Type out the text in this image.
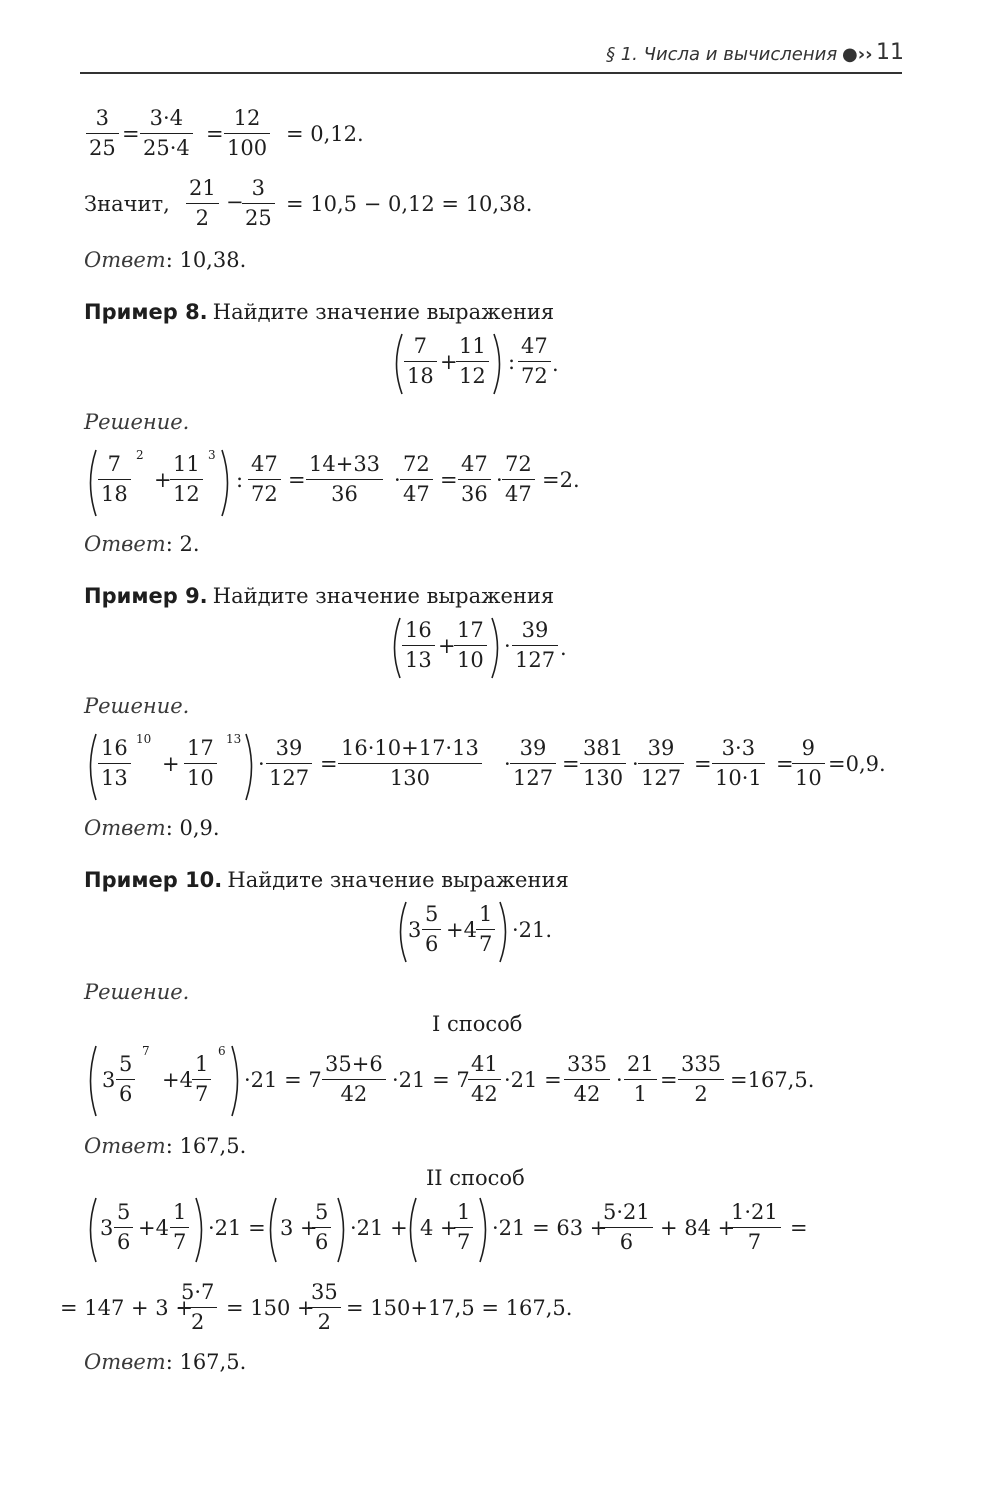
§ 1. Числа и вычисления ●›› 11
$\frac{3}{25} = \frac{3\cdot 4}{25\cdot 4} = \frac{12}{100} = 0,12$.
Значит, $\frac{21}{2}$ −
$\frac{3}{25} = 10,5 - 0,12 = 10,38$.
Ответ: 10,38.
Пример 8. Найдите значение выражения
$\frac{7}{18}$ +
$\frac{11}{12}$ : $\frac{47}{72}$ .
Решение.
$\frac{7}{18} 2$
+
$\frac{11}{12} 3$
: $\frac{47}{72} = \frac{14+33}{36} \cdot \frac{72}{47} = \frac{47}{36} \cdot \frac{72}{47} =2$.
Ответ: 2.
Пример 9. Найдите значение выражения
$\frac{16}{13}$ +
$\frac{17}{10} \cdot \frac{39}{127}$ .
Решение.
$\frac{16}{13} 10$
+ $\frac{17}{10} 13$
· $\frac{39}{127} = \frac{16\cdot 10+17\cdot 13}{130} \cdot \frac{39}{127} = \frac{381}{130} \cdot \frac{39}{127} = \frac{3\cdot 3}{10\cdot 1}$ =
$\frac{9}{10} =0,9$.
Ответ: 0,9.
Пример 10. Найдите значение выражения
$3 \frac{5}{6} +4 \frac{1}{7} \cdot 21$.
Решение.
I способ
$3 \frac{5}{6}$
7
$+4 \frac{1}{7}$
6
$\cdot 21 = 7 \frac{35+6}{42} \cdot 21 = 7$
$\frac{41}{42} \cdot 21 = \frac{335}{42} \cdot \frac{21}{1} = \frac{335}{2} =167,5$.
Ответ: 167,5.
II способ
$3 \frac{5}{6} +4 \frac{1}{7} \cdot 21 = 3$ +
$\frac{5}{6} \cdot 21 + 4$ +
$\frac{1}{7} \cdot 21 = 63$ +
$\frac{5\cdot 21}{6} + 84$ +
$\frac{1\cdot 21}{7}$ =
= 147 + 3 +
$\frac{5\cdot 7}{2} = 150$ +
$\frac{35}{2} = 150+17,5 = 167,5$.
Ответ: 167,5.
